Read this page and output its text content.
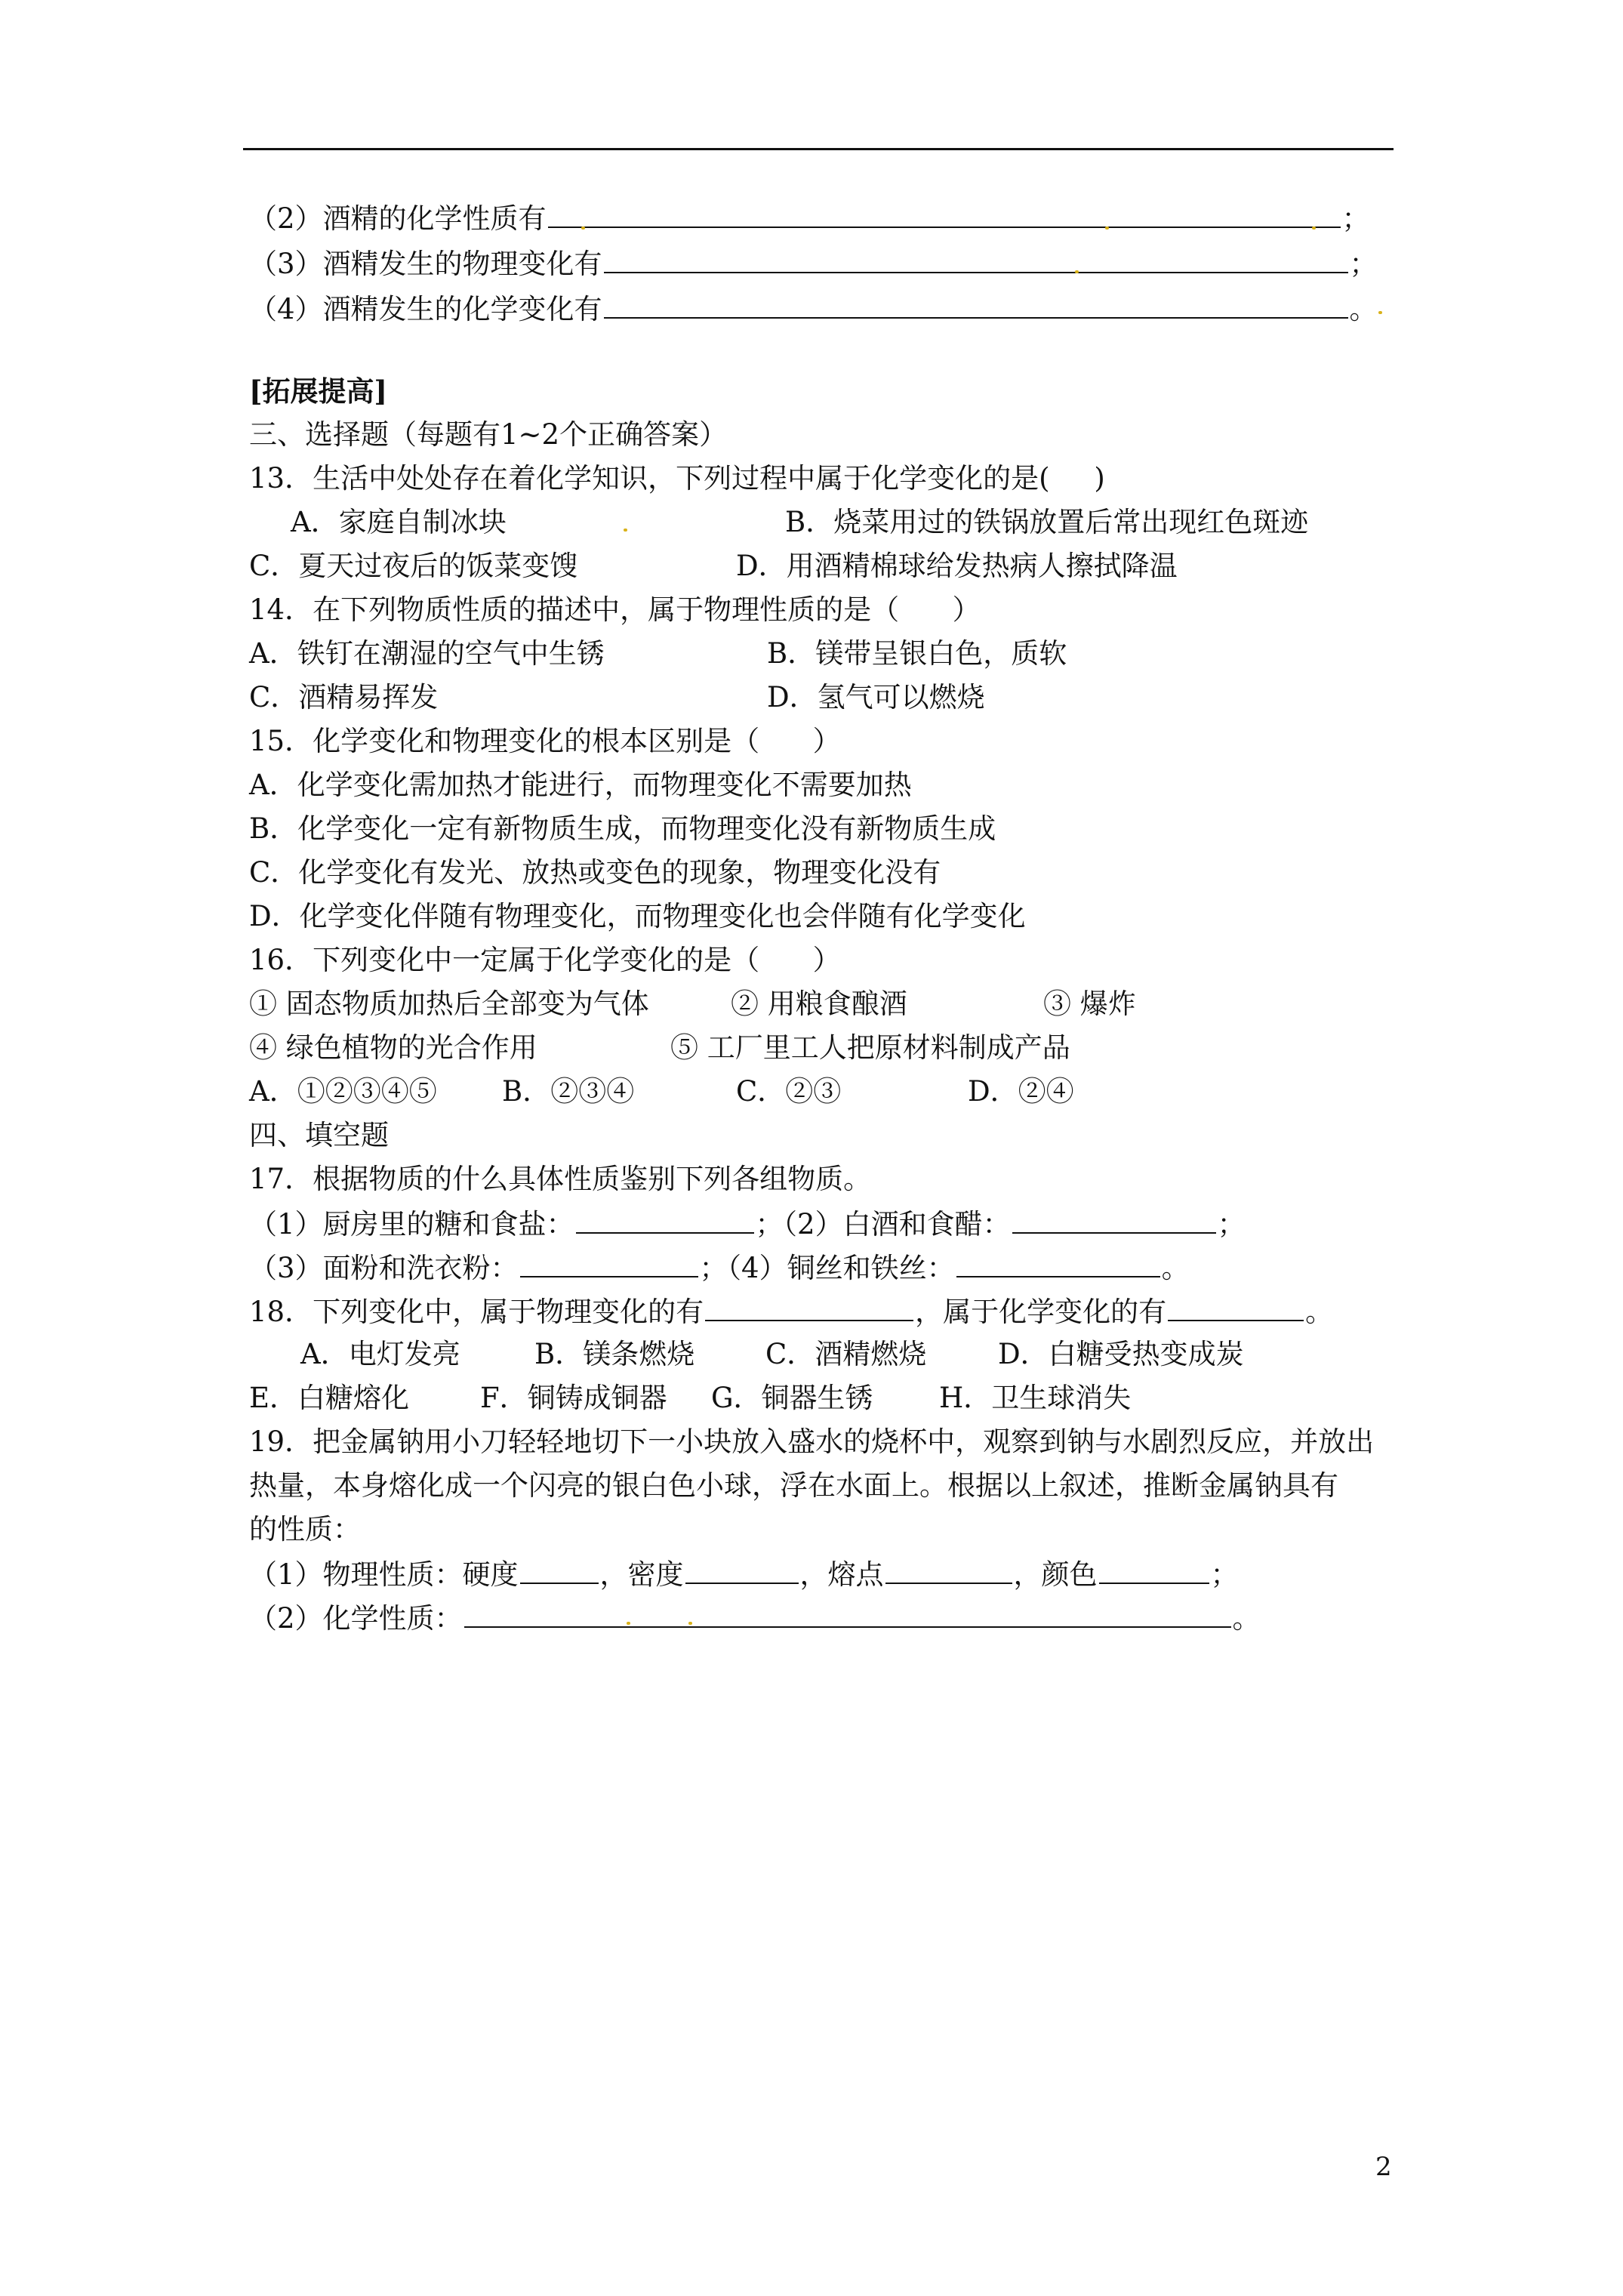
（2）酒精的化学性质有	；
（3）酒精发生的物理变化有	；
（4）酒精发生的化学变化有	。
[拓展提高]
三、选择题（每题有1~2个正确答案）
13．生活中处处存在着化学知识，下列过程中属于化学变化的是(     )
A．家庭自制冰块	B．烧菜用过的铁锅放置后常出现红色斑迹
C．夏天过夜后的饭菜变馊	D．用酒精棉球给发热病人擦拭降温
14．在下列物质性质的描述中，属于物理性质的是（      ）
A．铁钉在潮湿的空气中生锈	B．镁带呈银白色，质软
C．酒精易挥发	D．氢气可以燃烧
15．化学变化和物理变化的根本区别是（      ）
A．化学变化需加热才能进行，而物理变化不需要加热
B．化学变化一定有新物质生成，而物理变化没有新物质生成
C．化学变化有发光、放热或变色的现象，物理变化没有
D．化学变化伴随有物理变化，而物理变化也会伴随有化学变化
16．下列变化中一定属于化学变化的是（      ）
① 固态物质加热后全部变为气体	② 用粮食酿酒	③ 爆炸
④ 绿色植物的光合作用	⑤ 工厂里工人把原材料制成产品
A．①②③④⑤ B．②③④	C．②③	D．②④
四、填空题
17．根据物质的什么具体性质鉴别下列各组物质。
（1）厨房里的糖和食盐：	；（2）白酒和食醋：	；
（3）面粉和洗衣粉：	；（4）铜丝和铁丝：	。
18．下列变化中，属于物理变化的有	，属于化学变化的有	。
A．电灯发亮	B．镁条燃烧	C．酒精燃烧	D．白糖受热变成炭
E．白糖熔化	F．铜铸成铜器 G．铜器生锈 H．卫生球消失
19．把金属钠用小刀轻轻地切下一小块放入盛水的烧杯中，观察到钠与水剧烈反应，并放出
热量，本身熔化成一个闪亮的银白色小球，浮在水面上。根据以上叙述，推断金属钠具有
的性质：
（1）物理性质：硬度	，密度	，熔点	，颜色	；
（2）化学性质：	。
2
